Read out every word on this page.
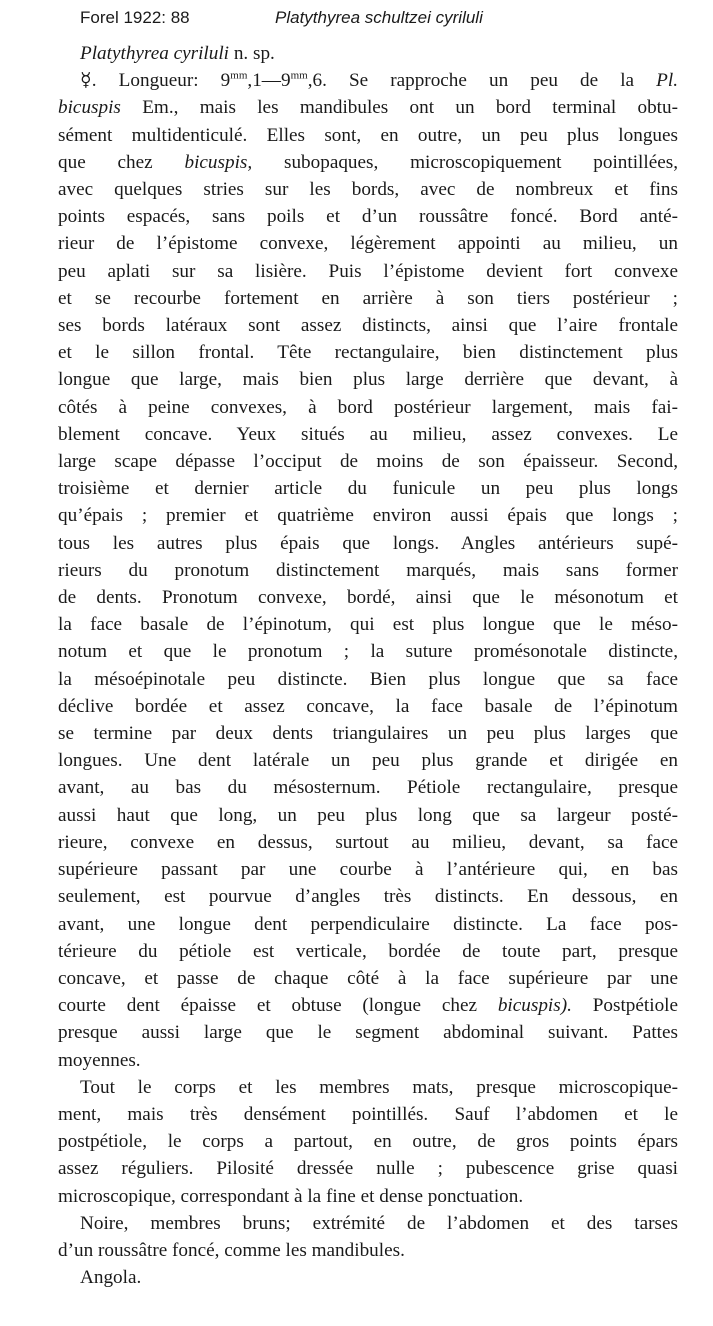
Forel 1922: 88	Platythyrea schultzei cyriluli
Platythyrea cyriluli n. sp.
☿. Longueur: $9^{mm},1—9^{mm},6$. Se rapproche un peu de la Pl.
bicuspis Em., mais les mandibules ont un bord terminal obtu-
sément multidenticulé. Elles sont, en outre, un peu plus longues
que chez bicuspis, subopaques, microscopiquement pointillées,
avec quelques stries sur les bords, avec de nombreux et fins
points espacés, sans poils et d’un roussâtre foncé. Bord anté-
rieur de l’épistome convexe, légèrement appointi au milieu, un
peu aplati sur sa lisière. Puis l’épistome devient fort convexe
et se recourbe fortement en arrière à son tiers postérieur ;
ses bords latéraux sont assez distincts, ainsi que l’aire frontale
et le sillon frontal. Tête rectangulaire, bien distinctement plus
longue que large, mais bien plus large derrière que devant, à
côtés à peine convexes, à bord postérieur largement, mais fai-
blement concave. Yeux situés au milieu, assez convexes. Le
large scape dépasse l’occiput de moins de son épaisseur. Second,
troisième et dernier article du funicule un peu plus longs
qu’épais ; premier et quatrième environ aussi épais que longs ;
tous les autres plus épais que longs. Angles antérieurs supé-
rieurs du pronotum distinctement marqués, mais sans former
de dents. Pronotum convexe, bordé, ainsi que le mésonotum et
la face basale de l’épinotum, qui est plus longue que le méso-
notum et que le pronotum ; la suture promésonotale distincte,
la mésoépinotale peu distincte. Bien plus longue que sa face
déclive bordée et assez concave, la face basale de l’épinotum
se termine par deux dents triangulaires un peu plus larges que
longues. Une dent latérale un peu plus grande et dirigée en
avant, au bas du mésosternum. Pétiole rectangulaire, presque
aussi haut que long, un peu plus long que sa largeur posté-
rieure, convexe en dessus, surtout au milieu, devant, sa face
supérieure passant par une courbe à l’antérieure qui, en bas
seulement, est pourvue d’angles très distincts. En dessous, en
avant, une longue dent perpendiculaire distincte. La face pos-
térieure du pétiole est verticale, bordée de toute part, presque
concave, et passe de chaque côté à la face supérieure par une
courte dent épaisse et obtuse (longue chez bicuspis). Postpétiole
presque aussi large que le segment abdominal suivant. Pattes
moyennes.
Tout le corps et les membres mats, presque microscopique-
ment, mais très densément pointillés. Sauf l’abdomen et le
postpétiole, le corps a partout, en outre, de gros points épars
assez réguliers. Pilosité dressée nulle ; pubescence grise quasi
microscopique, correspondant à la fine et dense ponctuation.
Noire, membres bruns; extrémité de l’abdomen et des tarses
d’un roussâtre foncé, comme les mandibules.
Angola.
